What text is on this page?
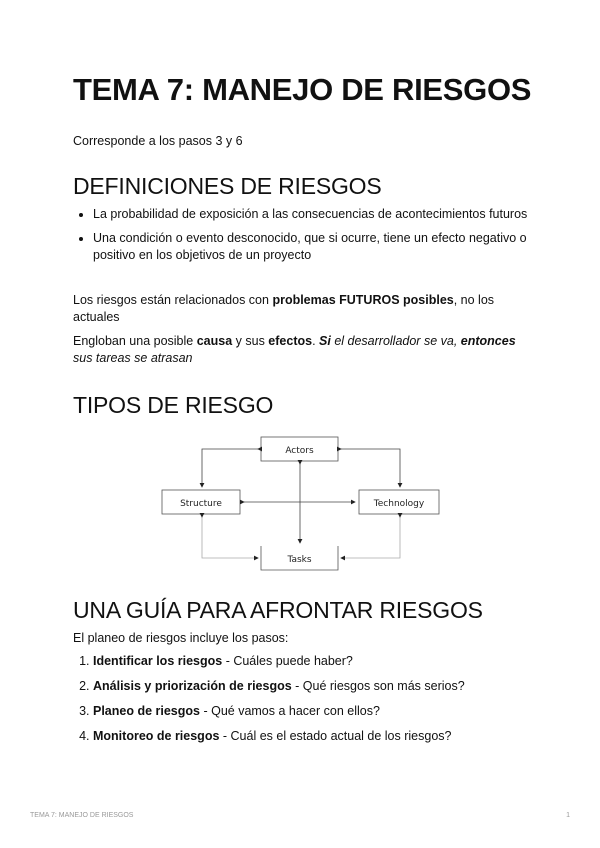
TEMA 7: MANEJO DE RIESGOS

Corresponde a los pasos 3 y 6

DEFINICIONES DE RIESGOS
• La probabilidad de exposición a las consecuencias de acontecimientos futuros
• Una condición o evento desconocido, que si ocurre, tiene un efecto negativo o positivo en los objetivos de un proyecto

Los riesgos están relacionados con problemas FUTUROS posibles, no los actuales

Engloban una posible causa y sus efectos. Si el desarrollador se va, entonces sus tareas se atrasan

TIPOS DE RIESGO
Actors
Structure	Technology
Tasks
UNA GUÍA PARA AFRONTAR RIESGOS

El planeo de riesgos incluye los pasos:

1. Identificar los riesgos - Cuáles puede haber?
2. Análisis y priorización de riesgos - Qué riesgos son más serios?
3. Planeo de riesgos - Qué vamos a hacer con ellos?
4. Monitoreo de riesgos - Cuál es el estado actual de los riesgos?
TEMA 7: MANEJO DE RIESGOS	1
